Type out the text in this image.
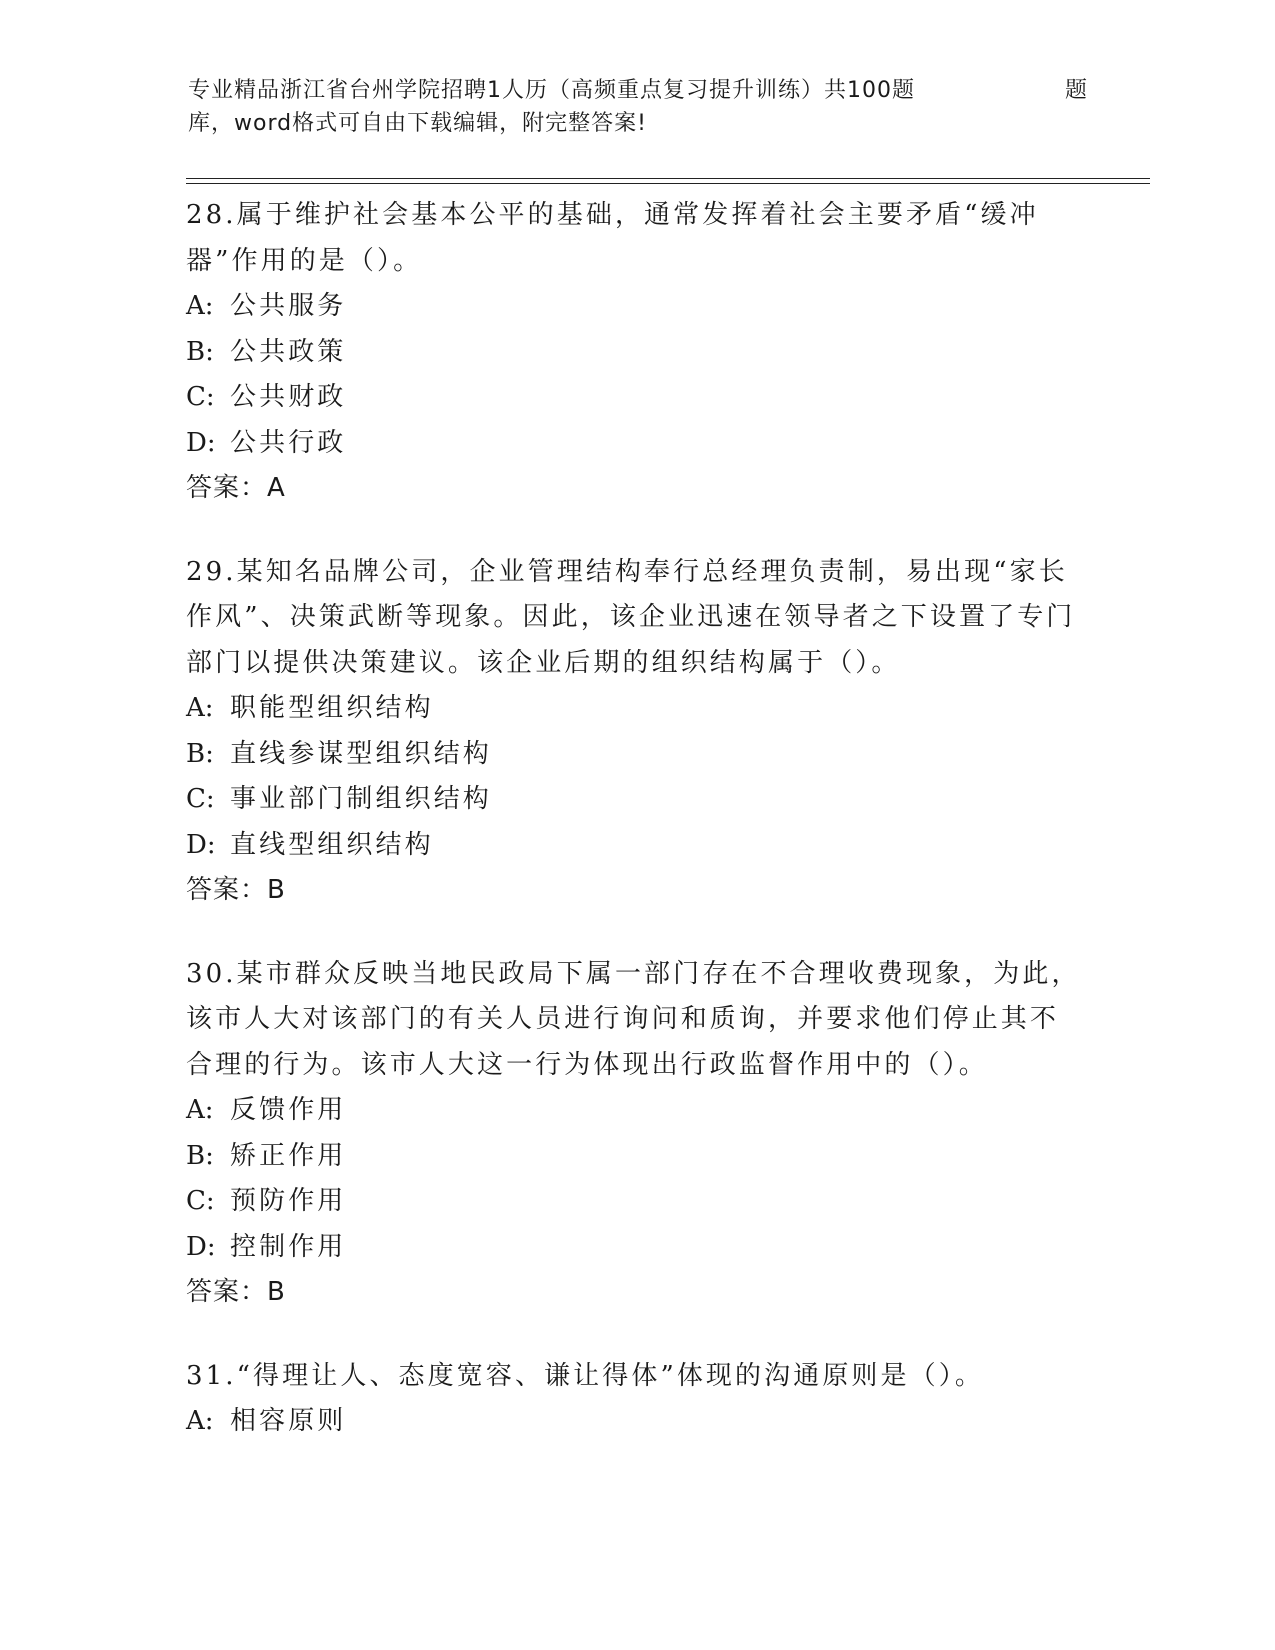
专业精品浙江省台州学院招聘1人历（高频重点复习提升训练）共100题	题
库，word格式可自由下载编辑，附完整答案!
28.属于维护社会基本公平的基础，通常发挥着社会主要矛盾“缓冲器”作用的是（）。
A: 公共服务
B: 公共政策
C: 公共财政
D: 公共行政
答案：A
29.某知名品牌公司，企业管理结构奉行总经理负责制，易出现“家长作风”、决策武断等现象。因此，该企业迅速在领导者之下设置了专门部门以提供决策建议。该企业后期的组织结构属于（）。
A: 职能型组织结构
B: 直线参谋型组织结构
C: 事业部门制组织结构
D: 直线型组织结构
答案：B
30.某市群众反映当地民政局下属一部门存在不合理收费现象，为此，该市人大对该部门的有关人员进行询问和质询，并要求他们停止其不合理的行为。该市人大这一行为体现出行政监督作用中的（）。
A: 反馈作用
B: 矫正作用
C: 预防作用
D: 控制作用
答案：B
31.“得理让人、态度宽容、谦让得体”体现的沟通原则是（）。
A: 相容原则
